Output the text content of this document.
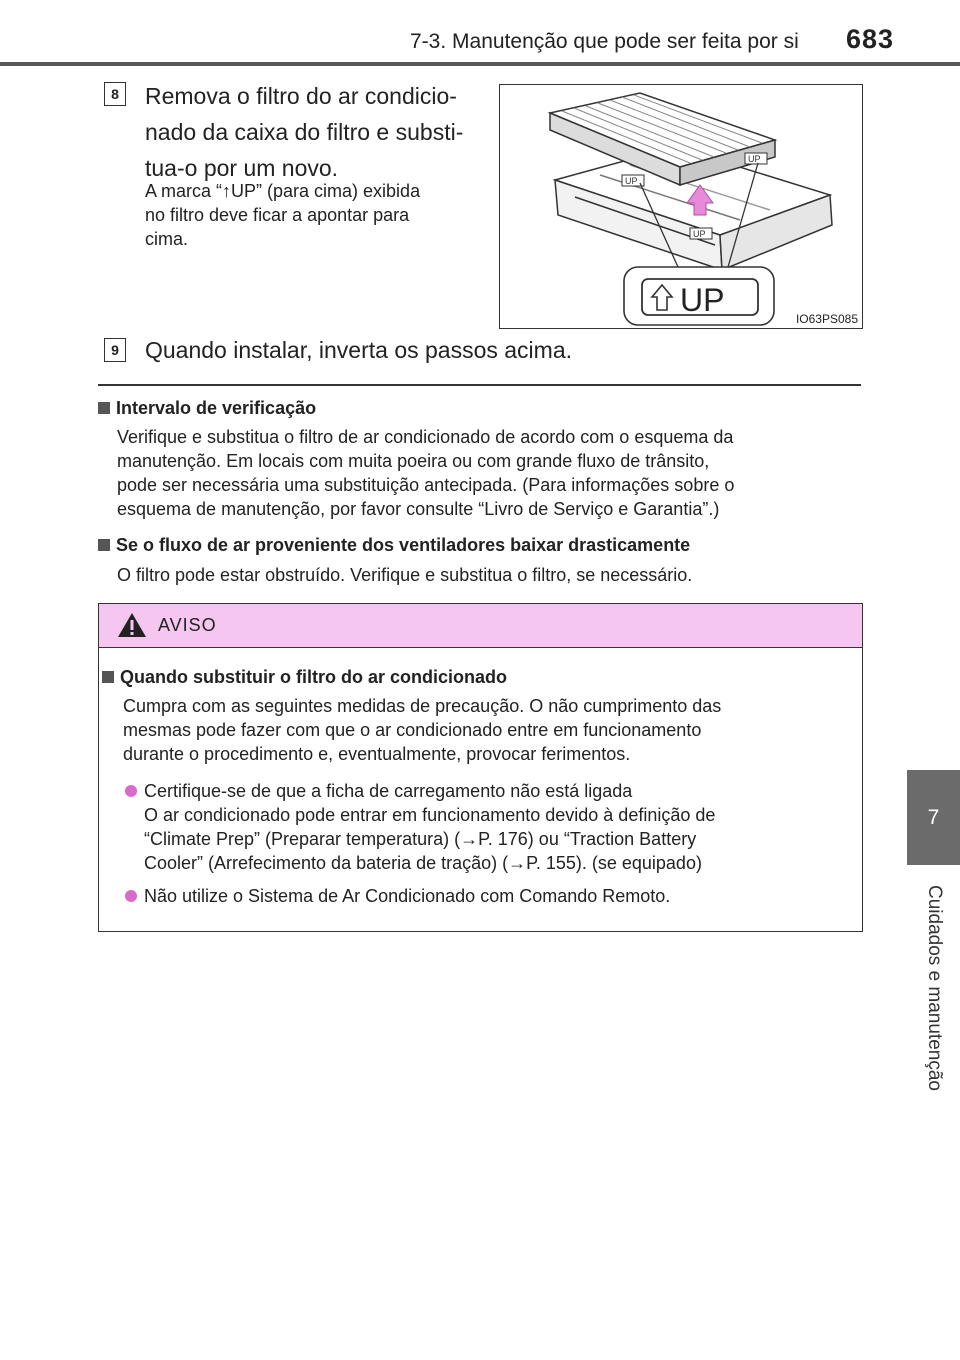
7-3. Manutenção que pode ser feita por si 683
7
Cuidados e manutenção
8	Remova o filtro do ar condicio-
nado da caixa do filtro e substi-
tua-o por um novo.
A marca “↑UP” (para cima) exibida
no filtro deve ficar a apontar para
cima.
UP
UP
UP
UP
IO63PS085
9	Quando instalar, inverta os passos acima.
Intervalo de verificação
Verifique e substitua o filtro de ar condicionado de acordo com o esquema da
manutenção. Em locais com muita poeira ou com grande fluxo de trânsito,
pode ser necessária uma substituição antecipada. (Para informações sobre o
esquema de manutenção, por favor consulte “Livro de Serviço e Garantia”.)
Se o fluxo de ar proveniente dos ventiladores baixar drasticamente
O filtro pode estar obstruído. Verifique e substitua o filtro, se necessário.
AVISO
Quando substituir o filtro do ar condicionado
Cumpra com as seguintes medidas de precaução. O não cumprimento das
mesmas pode fazer com que o ar condicionado entre em funcionamento
durante o procedimento e, eventualmente, provocar ferimentos.
Certifique-se de que a ficha de carregamento não está ligada
O ar condicionado pode entrar em funcionamento devido à definição de
“Climate Prep” (Preparar temperatura) (→P. 176) ou “Traction Battery
Cooler” (Arrefecimento da bateria de tração) (→P. 155). (se equipado)
Não utilize o Sistema de Ar Condicionado com Comando Remoto.
